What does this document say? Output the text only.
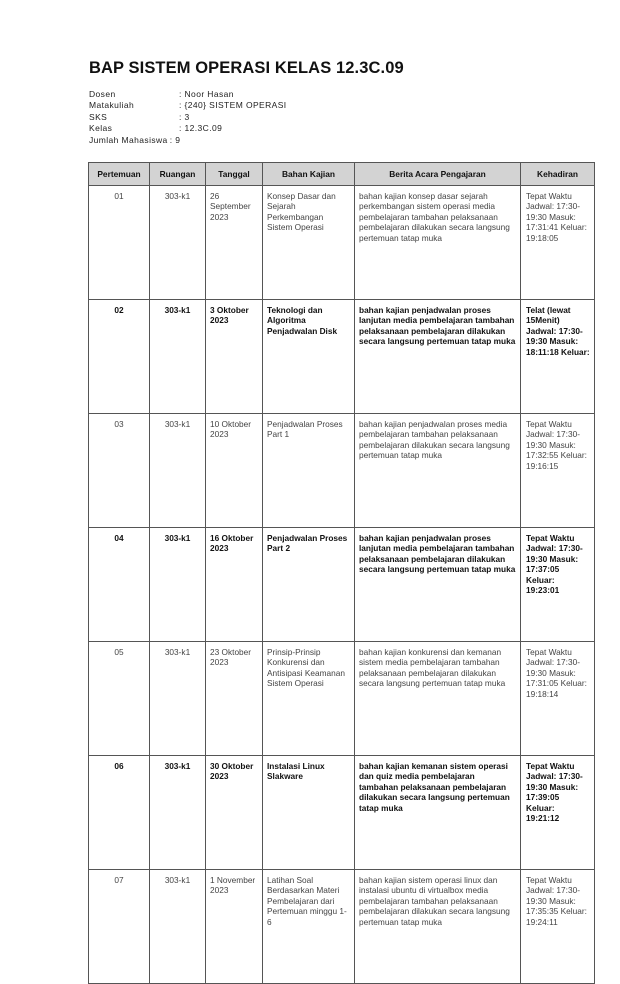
BAP SISTEM OPERASI KELAS 12.3C.09
Dosen	: Noor Hasan
Matakuliah	: {240} SISTEM OPERASI
SKS	: 3
Kelas	: 12.3C.09
Jumlah Mahasiswa : 9
Pertemuan	Ruangan	Tanggal	Bahan Kajian	Berita Acara Pengajaran	Kehadiran
01	303-k1	26 September 2023	Konsep Dasar dan Sejarah Perkembangan Sistem Operasi	bahan kajian konsep dasar sejarah perkembangan sistem operasi media pembelajaran tambahan pelaksanaan pembelajaran dilakukan secara langsung pertemuan tatap muka	Tepat Waktu Jadwal: 17:30-19:30 Masuk: 17:31:41 Keluar: 19:18:05
02	303-k1	3 Oktober 2023	Teknologi dan Algoritma Penjadwalan Disk	bahan kajian penjadwalan proses lanjutan media pembelajaran tambahan pelaksanaan pembelajaran dilakukan secara langsung pertemuan tatap muka	Telat (lewat 15Menit) Jadwal: 17:30-19:30 Masuk: 18:11:18 Keluar:
03	303-k1	10 Oktober 2023	Penjadwalan Proses Part 1	bahan kajian penjadwalan proses media pembelajaran tambahan pelaksanaan pembelajaran dilakukan secara langsung pertemuan tatap muka	Tepat Waktu Jadwal: 17:30-19:30 Masuk: 17:32:55 Keluar: 19:16:15
04	303-k1	16 Oktober 2023	Penjadwalan Proses Part 2	bahan kajian penjadwalan proses lanjutan media pembelajaran tambahan pelaksanaan pembelajaran dilakukan secara langsung pertemuan tatap muka	Tepat Waktu Jadwal: 17:30-19:30 Masuk: 17:37:05 Keluar: 19:23:01
05	303-k1	23 Oktober 2023	Prinsip-Prinsip Konkurensi dan Antisipasi Keamanan Sistem Operasi	bahan kajian konkurensi dan kemanan sistem media pembelajaran tambahan pelaksanaan pembelajaran dilakukan secara langsung pertemuan tatap muka	Tepat Waktu Jadwal: 17:30-19:30 Masuk: 17:31:05 Keluar: 19:18:14
06	303-k1	30 Oktober 2023	Instalasi Linux Slakware	bahan kajian kemanan sistem operasi dan quiz media pembelajaran tambahan pelaksanaan pembelajaran dilakukan secara langsung pertemuan tatap muka	Tepat Waktu Jadwal: 17:30-19:30 Masuk: 17:39:05 Keluar: 19:21:12
07	303-k1	1 November 2023	Latihan Soal Berdasarkan Materi Pembelajaran dari Pertemuan minggu 1-6	bahan kajian sistem operasi linux dan instalasi ubuntu di virtualbox media pembelajaran tambahan pelaksanaan pembelajaran dilakukan secara langsung pertemuan tatap muka	Tepat Waktu Jadwal: 17:30-19:30 Masuk: 17:35:35 Keluar: 19:24:11
